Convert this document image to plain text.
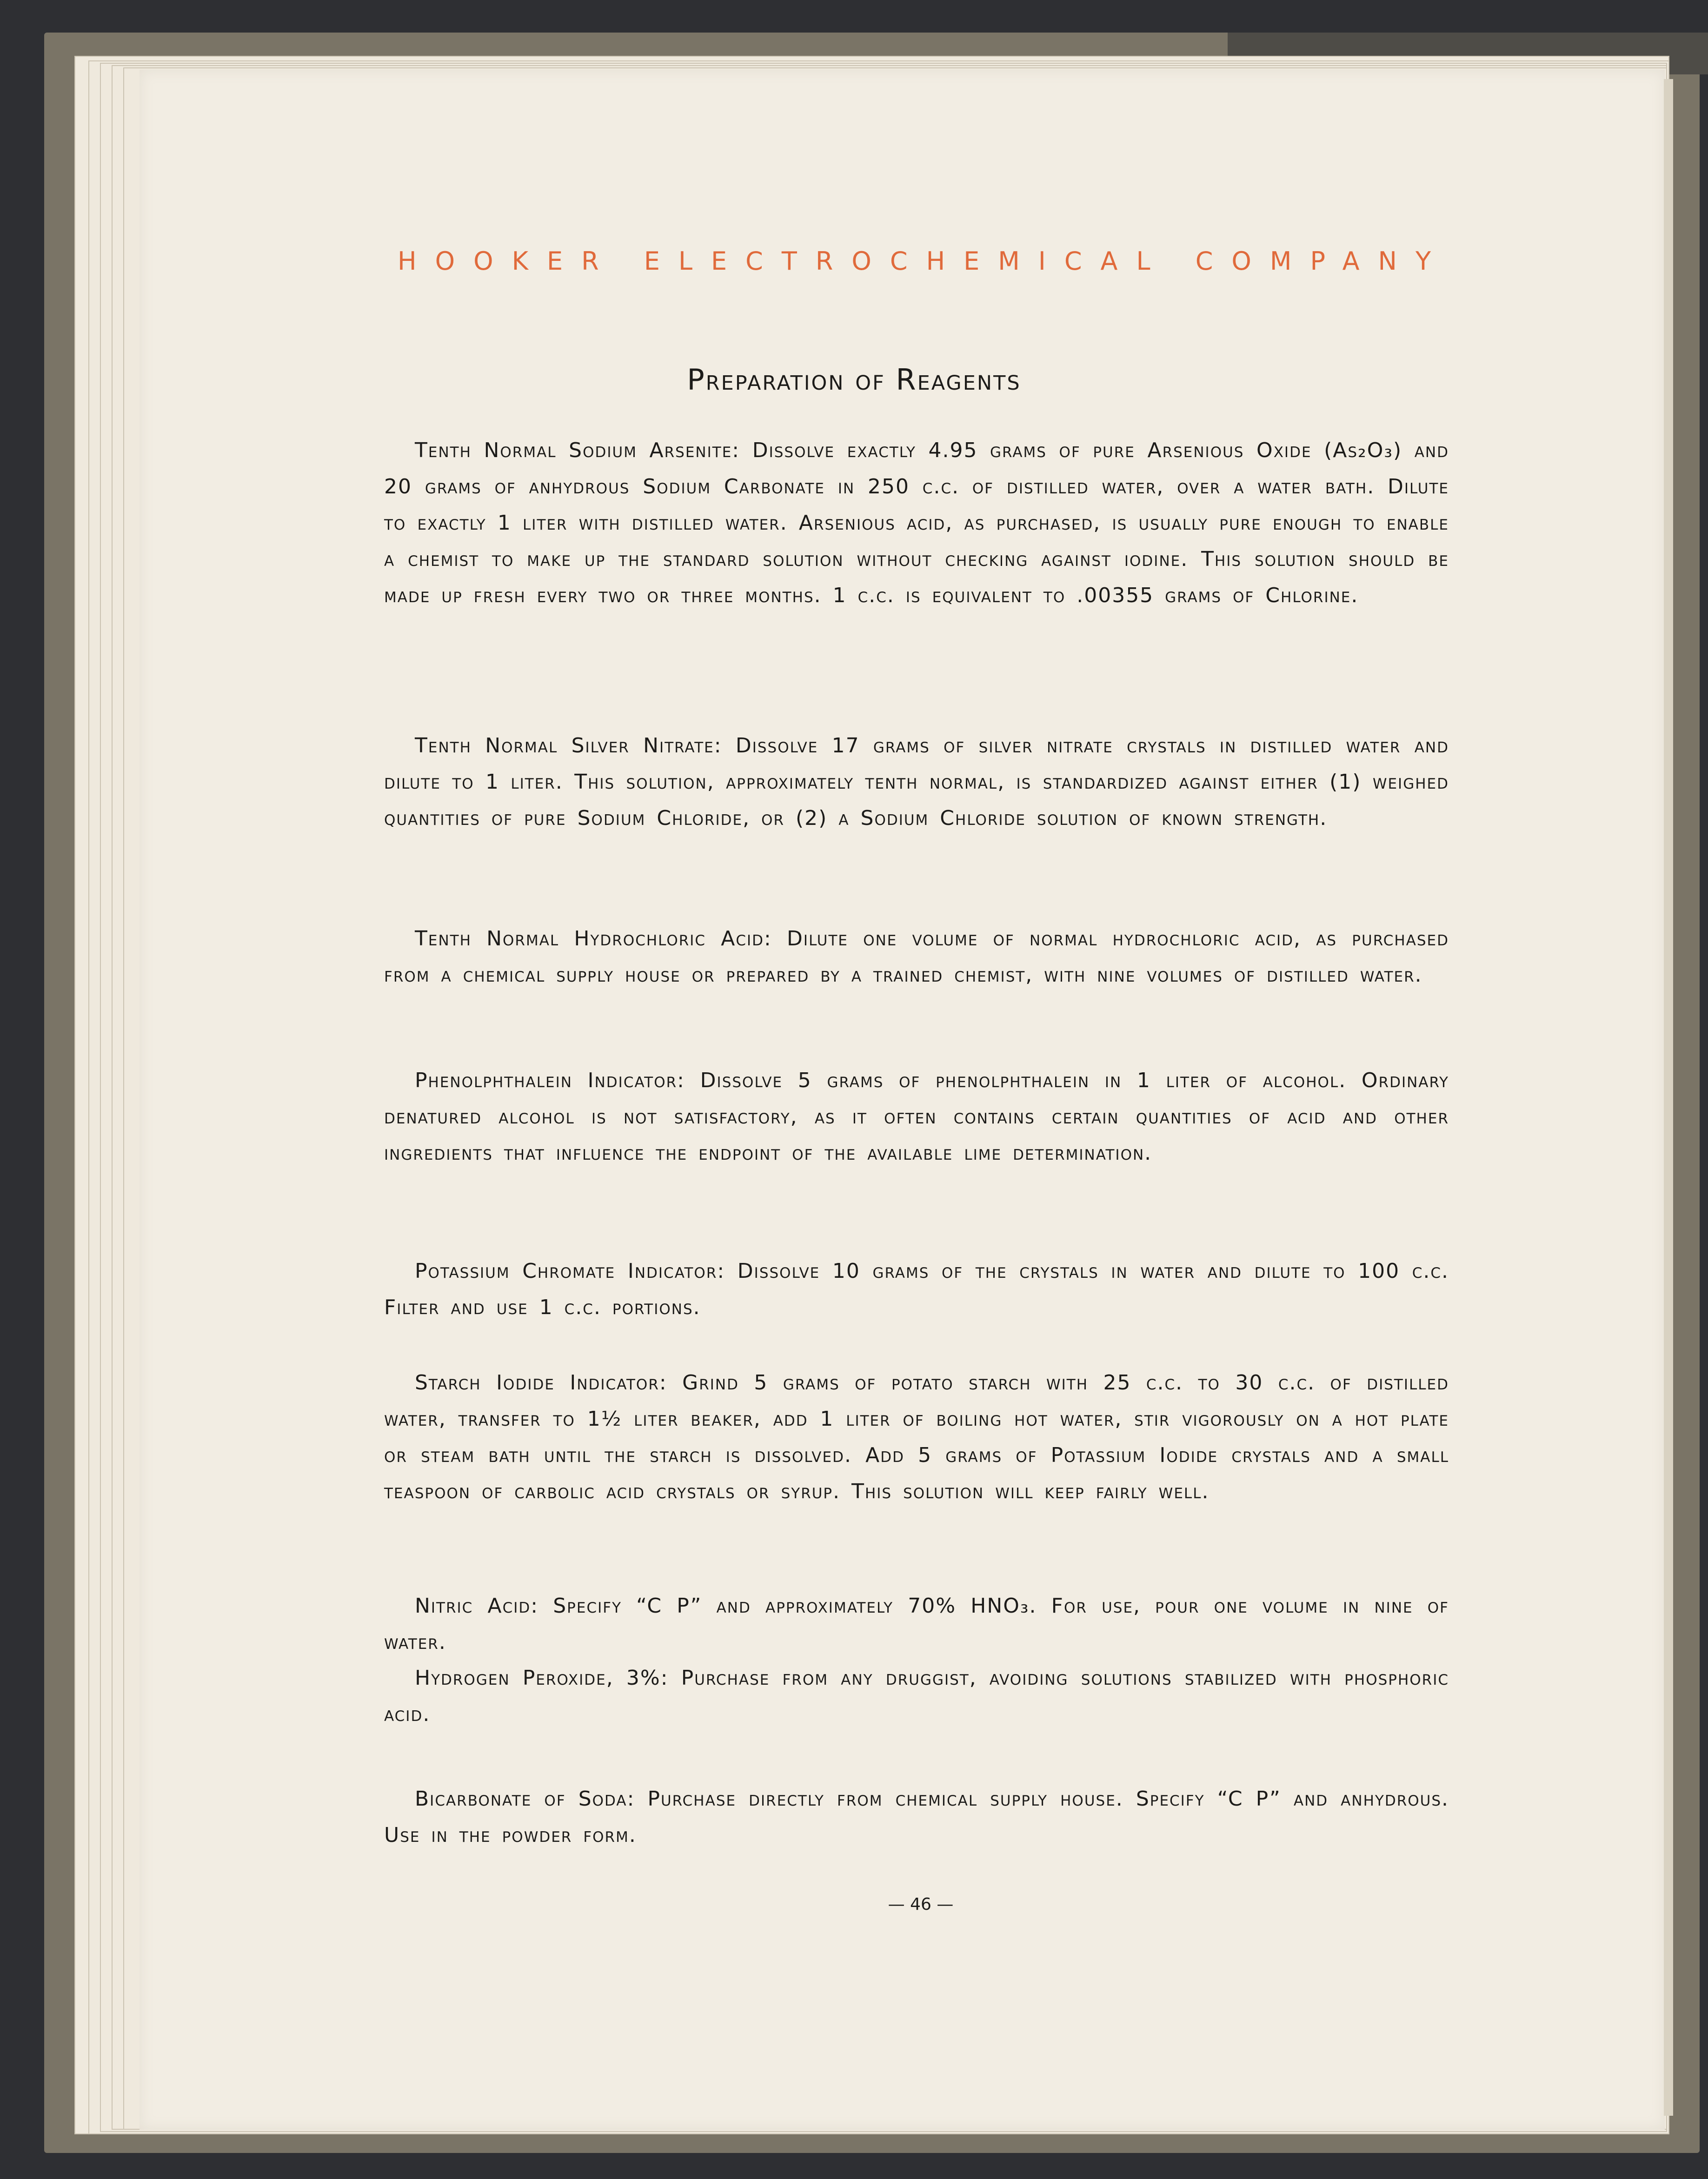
HOOKER ELECTROCHEMICAL COMPANY
Preparation of Reagents

Tenth Normal Sodium Arsenite: Dissolve exactly 4.95 grams of pure Arsenious Oxide (As₂O₃) and 20 grams of anhydrous Sodium Carbonate in 250 c.c. of distilled water, over a water bath. Dilute to exactly 1 liter with distilled water. Arsenious acid, as purchased, is usually pure enough to enable a chemist to make up the standard solution without checking against iodine. This solution should be made up fresh every two or three months. 1 c.c. is equivalent to .00355 grams of Chlorine.

Tenth Normal Silver Nitrate: Dissolve 17 grams of silver nitrate crystals in distilled water and dilute to 1 liter. This solution, approximately tenth normal, is standardized against either (1) weighed quantities of pure Sodium Chloride, or (2) a Sodium Chloride solution of known strength.

Tenth Normal Hydrochloric Acid: Dilute one volume of normal hydrochloric acid, as purchased from a chemical supply house or prepared by a trained chemist, with nine volumes of distilled water.

Phenolphthalein Indicator: Dissolve 5 grams of phenolphthalein in 1 liter of alcohol. Ordinary denatured alcohol is not satisfactory, as it often contains certain quantities of acid and other ingredients that influence the endpoint of the available lime determination.

Potassium Chromate Indicator: Dissolve 10 grams of the crystals in water and dilute to 100 c.c. Filter and use 1 c.c. portions.

Starch Iodide Indicator: Grind 5 grams of potato starch with 25 c.c. to 30 c.c. of distilled water, transfer to 1½ liter beaker, add 1 liter of boiling hot water, stir vigorously on a hot plate or steam bath until the starch is dissolved. Add 5 grams of Potassium Iodide crystals and a small teaspoon of carbolic acid crystals or syrup. This solution will keep fairly well.

Nitric Acid: Specify “C P” and approximately 70% HNO₃. For use, pour one volume in nine of water.

Hydrogen Peroxide, 3%: Purchase from any druggist, avoiding solutions stabilized with phosphoric acid.

Bicarbonate of Soda: Purchase directly from chemical supply house. Specify “C P” and anhydrous. Use in the powder form.

— 46 —
